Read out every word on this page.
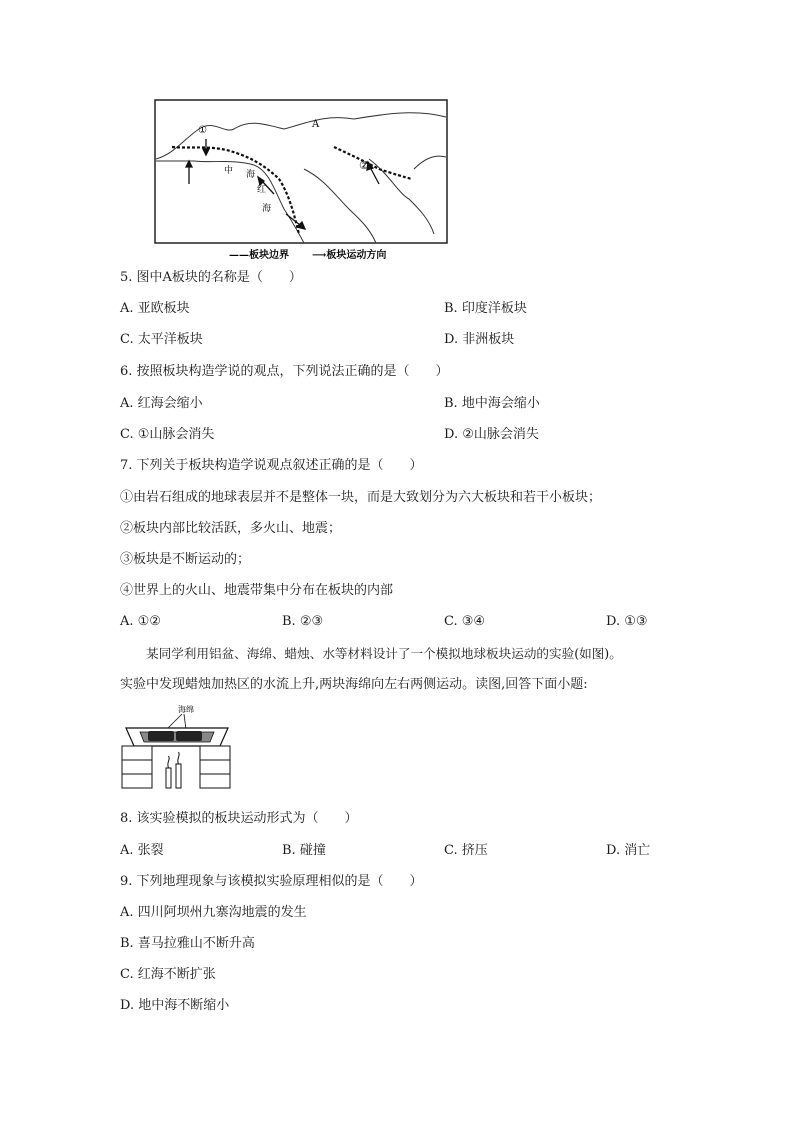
A
①
②
中 海
红
海
——板块边界 ⟶板块运动方向
5. 图中A板块的名称是（　　）
A. 亚欧板块	B. 印度洋板块
C. 太平洋板块	D. 非洲板块
6. 按照板块构造学说的观点，下列说法正确的是（　　）
A. 红海会缩小	B. 地中海会缩小
C. ①山脉会消失	D. ②山脉会消失
7. 下列关于板块构造学说观点叙述正确的是（　　）
①由岩石组成的地球表层并不是整体一块，而是大致划分为六大板块和若干小板块；
②板块内部比较活跃，多火山、地震；
③板块是不断运动的；
④世界上的火山、地震带集中分布在板块的内部
A. ①②	B. ②③	C. ③④	D. ①③
某同学利用铝盆、海绵、蜡烛、水等材料设计了一个模拟地球板块运动的实验(如图)。
实验中发现蜡烛加热区的水流上升,两块海绵向左右两侧运动。读图,回答下面小题:
海绵
8. 该实验模拟的板块运动形式为（　　）
A. 张裂	B. 碰撞	C. 挤压	D. 消亡
9. 下列地理现象与该模拟实验原理相似的是（　　）
A. 四川阿坝州九寨沟地震的发生
B. 喜马拉雅山不断升高
C. 红海不断扩张
D. 地中海不断缩小
